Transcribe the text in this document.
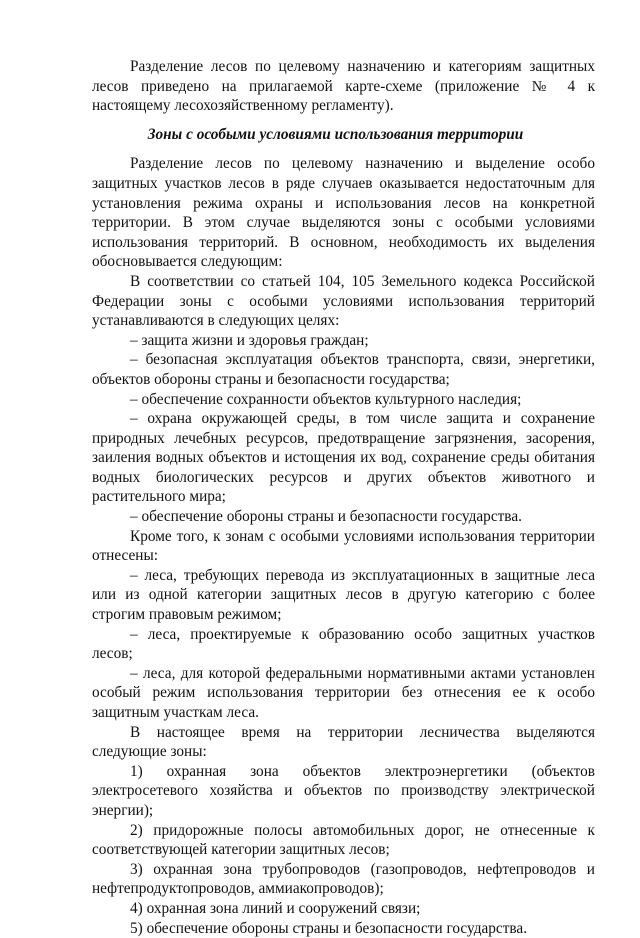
Разделение лесов по целевому назначению и категориям защитных лесов приведено на прилагаемой карте-схеме (приложение № 4 к настоящему лесохозяйственному регламенту).

Зоны с особыми условиями использования территории

Разделение лесов по целевому назначению и выделение особо защитных участков лесов в ряде случаев оказывается недостаточным для установления режима охраны и использования лесов на конкретной территории. В этом случае выделяются зоны с особыми условиями использования территорий. В основном, необходимость их выделения обосновывается следующим:

В соответствии со статьей 104, 105 Земельного кодекса Российской Федерации зоны с особыми условиями использования территорий устанавливаются в следующих целях:

– защита жизни и здоровья граждан;

– безопасная эксплуатация объектов транспорта, связи, энергетики, объектов обороны страны и безопасности государства;

– обеспечение сохранности объектов культурного наследия;

– охрана окружающей среды, в том числе защита и сохранение природных лечебных ресурсов, предотвращение загрязнения, засорения, заиления водных объектов и истощения их вод, сохранение среды обитания водных биологических ресурсов и других объектов животного и растительного мира;

– обеспечение обороны страны и безопасности государства.

Кроме того, к зонам с особыми условиями использования территории отнесены:

– леса, требующих перевода из эксплуатационных в защитные леса или из одной категории защитных лесов в другую категорию с более строгим правовым режимом;

– леса, проектируемые к образованию особо защитных участков лесов;

– леса, для которой федеральными нормативными актами установлен особый режим использования территории без отнесения ее к особо защитным участкам леса.

В настоящее время на территории лесничества выделяются следующие зоны:

1) охранная зона объектов электроэнергетики (объектов электросетевого хозяйства и объектов по производству электрической энергии);

2) придорожные полосы автомобильных дорог, не отнесенные к соответствующей категории защитных лесов;

3) охранная зона трубопроводов (газопроводов, нефтепроводов и нефтепродуктопроводов, аммиакопроводов);

4) охранная зона линий и сооружений связи;

5) обеспечение обороны страны и безопасности государства.
